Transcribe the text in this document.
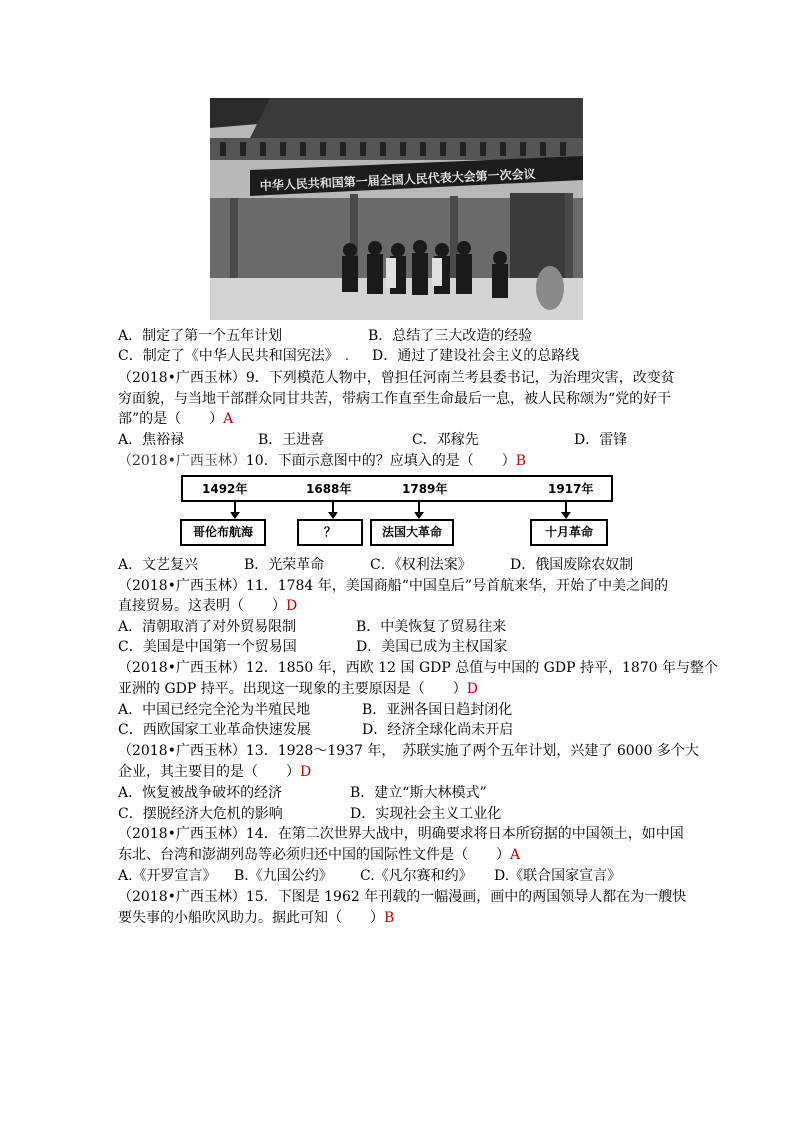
中华人民共和国第一届全国人民代表大会第一次会议
A．制定了第一个五年计划	B．总结了三大改造的经验
C．制定了《中华人民共和国宪法》 . D．通过了建设社会主义的总路线
（2018•广西玉林）9．下列模范人物中，曾担任河南兰考县委书记，为治理灾害，改变贫
穷面貌，与当地干部群众同甘共苦，带病工作直至生命最后一息，被人民称颂为“党的好干
部”的是（　　）A
A．焦裕禄	B．王进喜	C．邓稼先	D．雷锋
（2018•广西玉林）10．下面示意图中的？应填入的是（　　）B
1492年	1688年	1789年	1917年
哥伦布航海	？	法国大革命	十月革命
A．文艺复兴	B．光荣革命	C．《权利法案》	D．俄国废除农奴制
（2018•广西玉林）11．1784 年，美国商船“中国皇后”号首航来华，开始了中美之间的
直接贸易。这表明（　　）D
A．清朝取消了对外贸易限制	B．中美恢复了贸易往来
C．美国是中国第一个贸易国	D．美国已成为主权国家
（2018•广西玉林）12．1850 年，西欧 12 国 GDP 总值与中国的 GDP 持平，1870 年与整个
亚洲的 GDP 持平。出现这一现象的主要原因是（　　）D
A．中国已经完全沦为半殖民地	B．亚洲各国日趋封闭化
C．西欧国家工业革命快速发展	D．经济全球化尚未开启
（2018•广西玉林）13．1928～1937 年，　苏联实施了两个五年计划，兴建了 6000 多个大
企业，其主要目的是（　　）D
A．恢复被战争破坏的经济	B．建立“斯大林模式”
C．摆脱经济大危机的影响	D．实现社会主义工业化
（2018•广西玉林）14．在第二次世界大战中，明确要求将日本所窃据的中国领土，如中国
东北、台湾和澎湖列岛等必须归还中国的国际性文件是（　　）A
A.《开罗宣言》 B.《九国公约》 C.《凡尔赛和约》 D.《联合国家宣言》
（2018•广西玉林）15．下图是 1962 年刊载的一幅漫画，画中的两国领导人都在为一艘快
要失事的小船吹风助力。据此可知（　　）B
